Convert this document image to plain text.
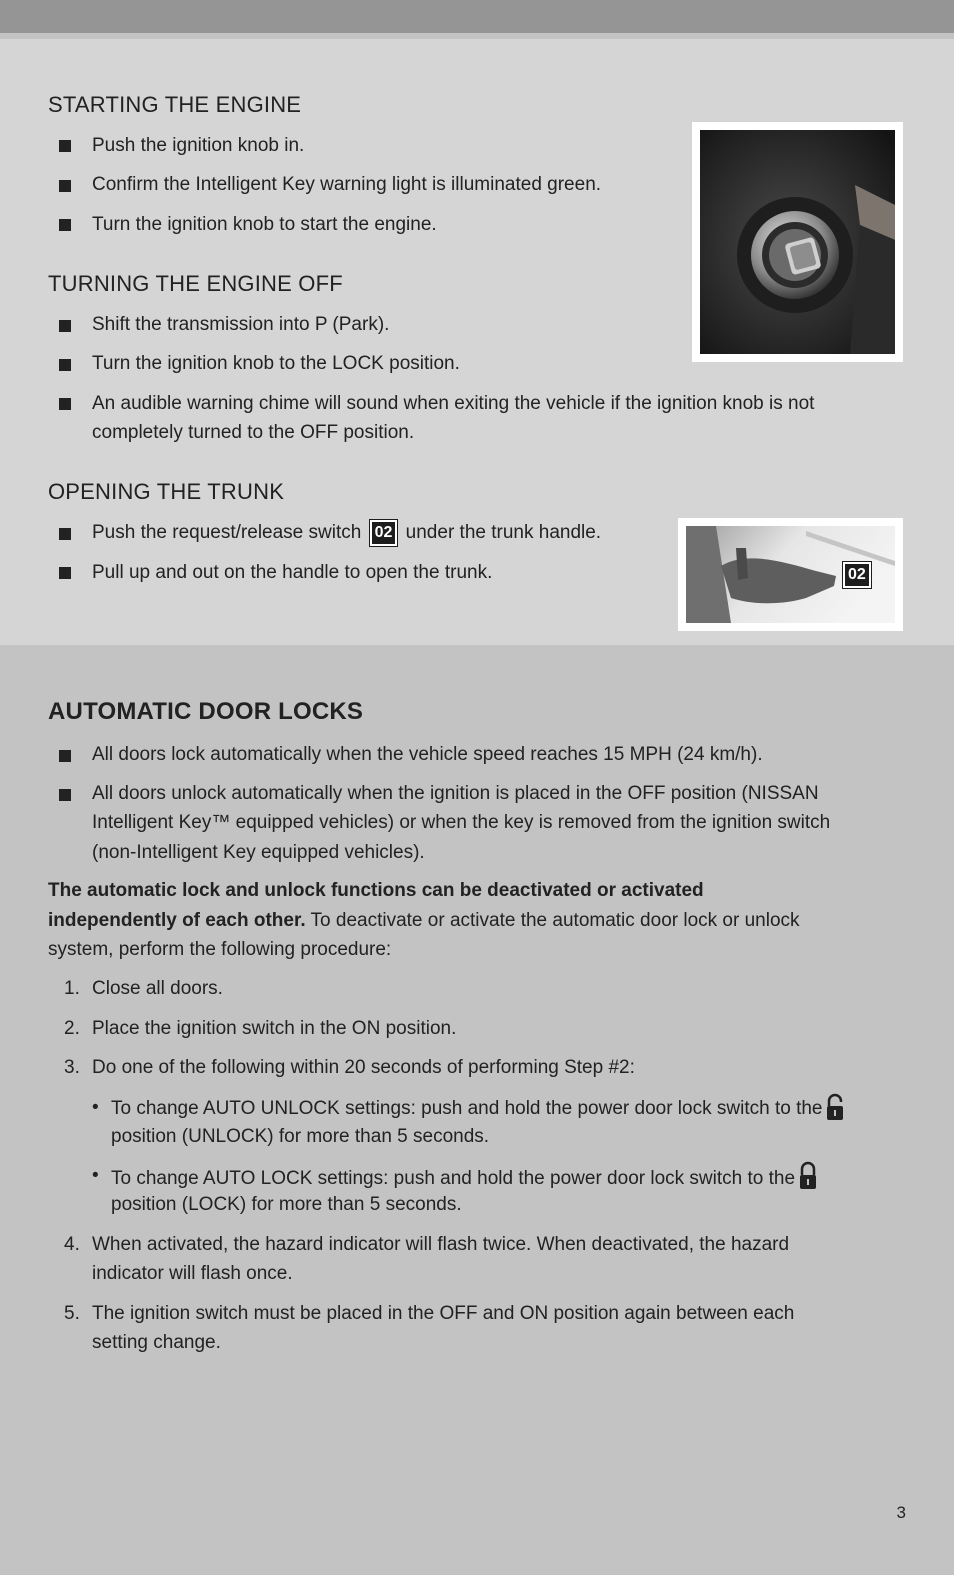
STARTING THE ENGINE
Push the ignition knob in.
Confirm the Intelligent Key warning light is illuminated green.
Turn the ignition knob to start the engine.
TURNING THE ENGINE OFF
Shift the transmission into P (Park).
Turn the ignition knob to the LOCK position.
An audible warning chime will sound when exiting the vehicle if the ignition knob is not
completely turned to the OFF position.
OPENING THE TRUNK
Push the request/release switch 02 under the trunk handle.
Pull up and out on the handle to open the trunk.	02
AUTOMATIC DOOR LOCKS
All doors lock automatically when the vehicle speed reaches 15 MPH (24 km/h).
All doors unlock automatically when the ignition is placed in the OFF position (NISSAN
Intelligent Key™ equipped vehicles) or when the key is removed from the ignition switch
(non-Intelligent Key equipped vehicles).
The automatic lock and unlock functions can be deactivated or activated
independently of each other. To deactivate or activate the automatic door lock or unlock
system, perform the following procedure:
1. Close all doors.
2. Place the ignition switch in the ON position.
3. Do one of the following within 20 seconds of performing Step #2:
• To change AUTO UNLOCK settings: push and hold the power door lock switch to the
position (UNLOCK) for more than 5 seconds.
• To change AUTO LOCK settings: push and hold the power door lock switch to the
position (LOCK) for more than 5 seconds.
4. When activated, the hazard indicator will flash twice. When deactivated, the hazard
indicator will flash once.
5. The ignition switch must be placed in the OFF and ON position again between each
setting change.
3
